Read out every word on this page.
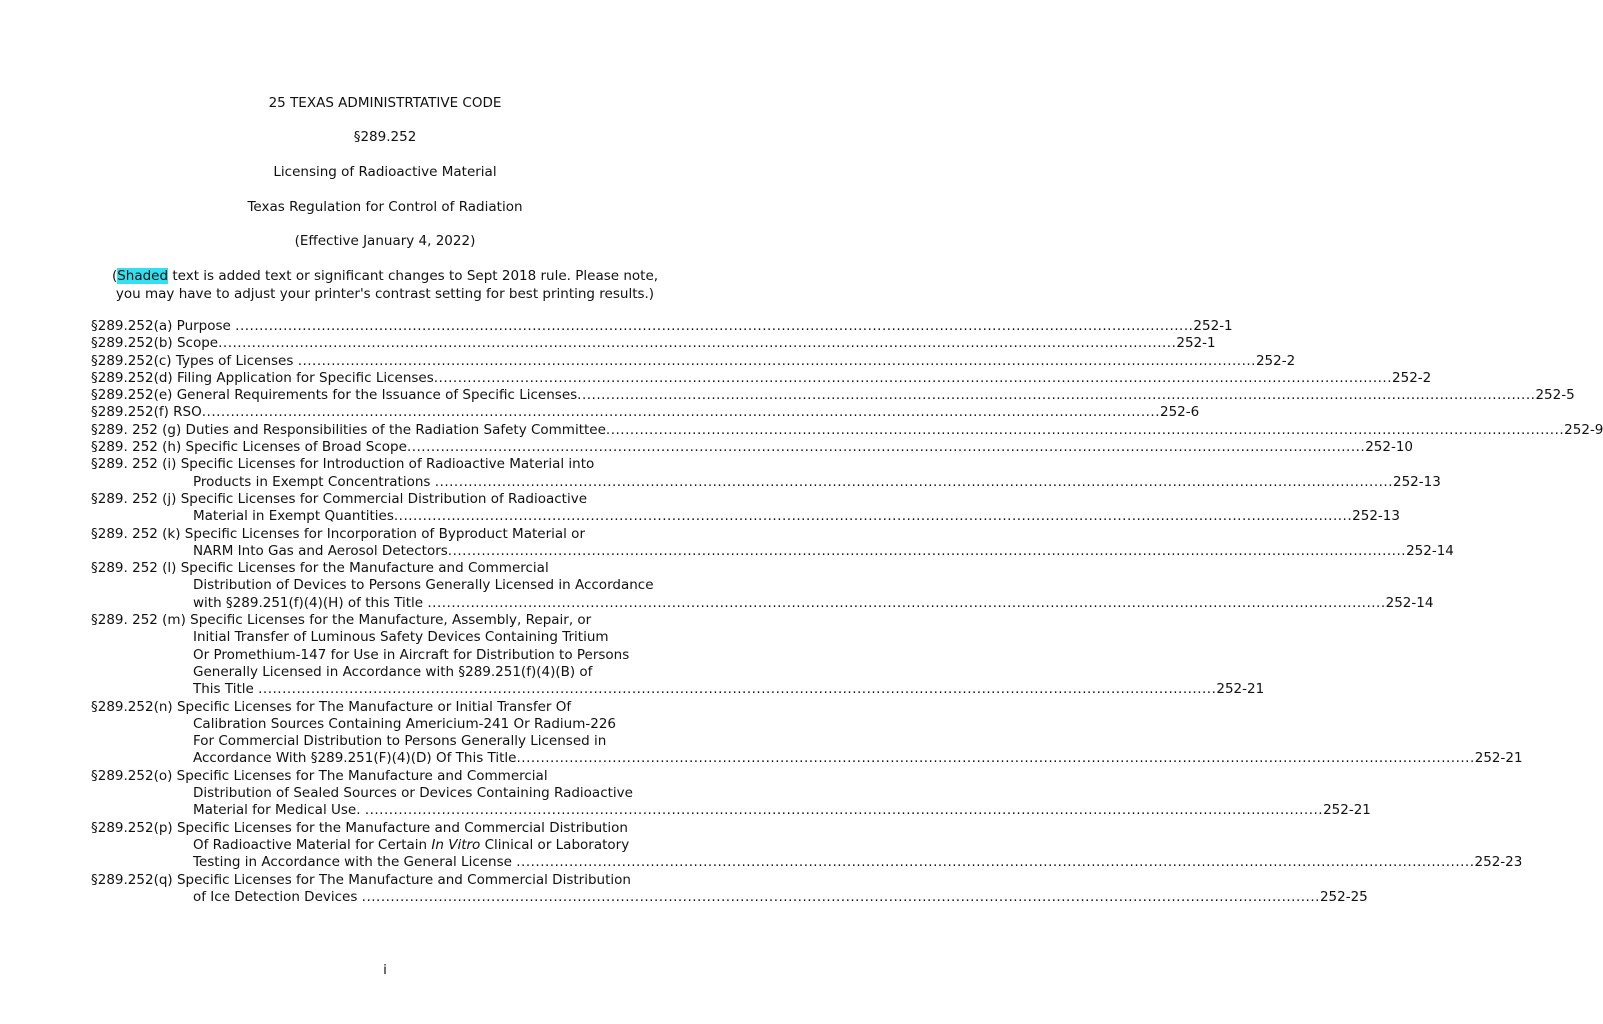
25 TEXAS ADMINISTRTATIVE CODE
§289.252
Licensing of Radioactive Material
Texas Regulation for Control of Radiation
(Effective January 4, 2022)
(Shaded text is added text or significant changes to Sept 2018 rule. Please note,
you may have to adjust your printer's contrast setting for best printing results.)
§289.252(a) Purpose ........................................................................................................................................................................................................ 252-1
§289.252(b) Scope ........................................................................................................................................................................................................ 252-1
§289.252(c) Types of Licenses ........................................................................................................................................................................................................ 252-2
§289.252(d) Filing Application for Specific Licenses ........................................................................................................................................................................................................ 252-2
§289.252(e) General Requirements for the Issuance of Specific Licenses ........................................................................................................................................................................................................ 252-5
§289.252(f) RSO ........................................................................................................................................................................................................ 252-6
§289. 252 (g) Duties and Responsibilities of the Radiation Safety Committee ........................................................................................................................................................................................................ 252-9
§289. 252 (h) Specific Licenses of Broad Scope ........................................................................................................................................................................................................ 252-10
§289. 252 (i) Specific Licenses for Introduction of Radioactive Material into
Products in Exempt Concentrations ........................................................................................................................................................................................................ 252-13
§289. 252 (j) Specific Licenses for Commercial Distribution of Radioactive
Material in Exempt Quantities ........................................................................................................................................................................................................ 252-13
§289. 252 (k) Specific Licenses for Incorporation of Byproduct Material or
NARM Into Gas and Aerosol Detectors ........................................................................................................................................................................................................ 252-14
§289. 252 (l) Specific Licenses for the Manufacture and Commercial
Distribution of Devices to Persons Generally Licensed in Accordance
with §289.251(f)(4)(H) of this Title ........................................................................................................................................................................................................ 252-14
§289. 252 (m) Specific Licenses for the Manufacture, Assembly, Repair, or
Initial Transfer of Luminous Safety Devices Containing Tritium
Or Promethium-147 for Use in Aircraft for Distribution to Persons
Generally Licensed in Accordance with §289.251(f)(4)(B) of
This Title ........................................................................................................................................................................................................ 252-21
§289.252(n) Specific Licenses for The Manufacture or Initial Transfer Of
Calibration Sources Containing Americium-241 Or Radium-226
For Commercial Distribution to Persons Generally Licensed in
Accordance With §289.251(F)(4)(D) Of This Title ........................................................................................................................................................................................................ 252-21
§289.252(o) Specific Licenses for The Manufacture and Commercial
Distribution of Sealed Sources or Devices Containing Radioactive
Material for Medical Use. ........................................................................................................................................................................................................ 252-21
§289.252(p) Specific Licenses for the Manufacture and Commercial Distribution
Of Radioactive Material for Certain In Vitro Clinical or Laboratory
Testing in Accordance with the General License ........................................................................................................................................................................................................ 252-23
§289.252(q) Specific Licenses for The Manufacture and Commercial Distribution
of Ice Detection Devices ........................................................................................................................................................................................................ 252-25
i
